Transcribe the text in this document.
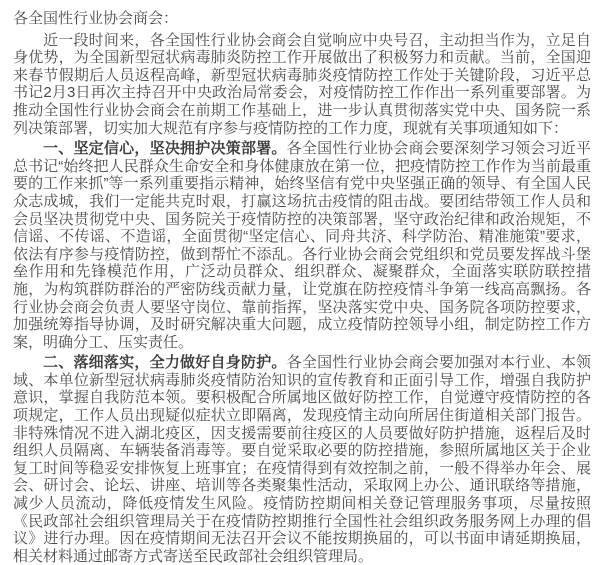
各全国性行业协会商会：

近一段时间来，各全国性行业协会商会自觉响应中央号召，主动担当作为，立足自身优势，为全国新型冠状病毒肺炎防控工作开展做出了积极努力和贡献。当前，全国迎来春节假期后人员返程高峰，新型冠状病毒肺炎疫情防控工作处于关键阶段，习近平总书记2月3日再次主持召开中央政治局常委会，对疫情防控工作作出一系列重要部署。为推动全国性行业协会商会在前期工作基础上，进一步认真贯彻落实党中央、国务院一系列决策部署，切实加大规范有序参与疫情防控的工作力度，现就有关事项通知如下：

一、坚定信心，坚决拥护决策部署。各全国性行业协会商会要深刻学习领会习近平总书记“始终把人民群众生命安全和身体健康放在第一位，把疫情防控工作作为当前最重要的工作来抓”等一系列重要指示精神，始终坚信有党中央坚强正确的领导、有全国人民众志成城，我们一定能共克时艰，打赢这场抗击疫情的阻击战。要团结带领工作人员和会员坚决贯彻党中央、国务院关于疫情防控的决策部署，坚守政治纪律和政治规矩，不信谣、不传谣、不造谣，全面贯彻“坚定信心、同舟共济、科学防治、精准施策”要求，依法有序参与疫情防控，做到帮忙不添乱。各行业协会商会党组织和党员要发挥战斗堡垒作用和先锋模范作用，广泛动员群众、组织群众、凝聚群众，全面落实联防联控措施，为构筑群防群治的严密防线贡献力量，让党旗在防控疫情斗争第一线高高飘扬。各行业协会商会负责人要坚守岗位、靠前指挥，坚决落实党中央、国务院各项防控要求，加强统筹指导协调，及时研究解决重大问题，成立疫情防控领导小组，制定防控工作方案，明确分工、压实责任。

二、落细落实，全力做好自身防护。各全国性行业协会商会要加强对本行业、本领域、本单位新型冠状病毒肺炎疫情防治知识的宣传教育和正面引导工作，增强自我防护意识，掌握自我防范本领。要积极配合所属地区做好防控工作，自觉遵守疫情防控的各项规定，工作人员出现疑似症状立即隔离，发现疫情主动向所居住街道相关部门报告。非特殊情况不进入湖北疫区，因支援需要前往疫区的人员要做好防护措施，返程后及时组织人员隔离、车辆装备消毒等。要自觉采取必要的防控措施，参照所属地区关于企业复工时间等稳妥安排恢复上班事宜；在疫情得到有效控制之前，一般不得举办年会、展会、研讨会、论坛、讲座、培训等各类聚集性活动，采取网上办公、通讯联络等措施，减少人员流动，降低疫情发生风险。疫情防控期间相关登记管理服务事项，尽量按照《民政部社会组织管理局关于在疫情防控期推行全国性社会组织政务服务网上办理的倡议》进行办理。因在疫情期间无法召开会议不能按期换届的，可以书面申请延期换届，相关材料通过邮寄方式寄送至民政部社会组织管理局。
